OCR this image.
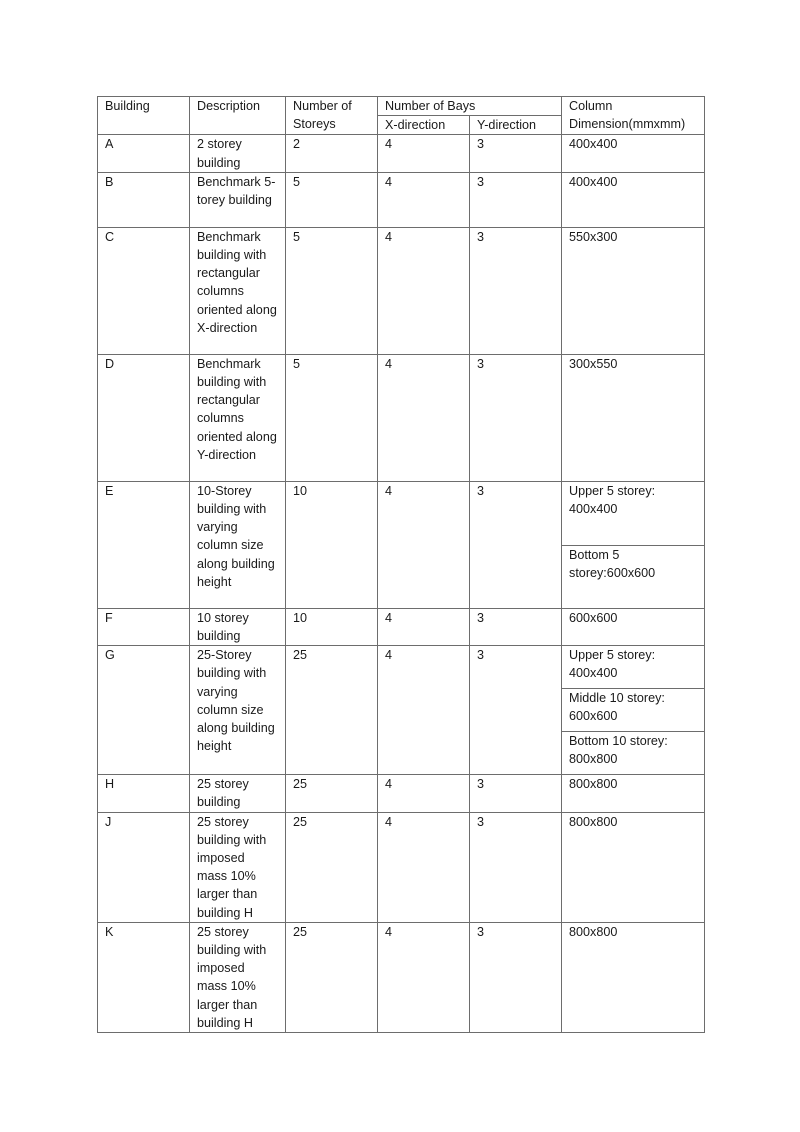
Building	Description	Number of Storeys	Number of Bays		Column Dimension(mmxmm)
			X-direction	Y-direction	
A	2 storey building	2	4	3	400x400
B	Benchmark 5-torey building	5	4	3	400x400
C	Benchmark building with rectangular columns oriented along X-direction	5	4	3	550x300
D	Benchmark building with rectangular columns oriented along Y-direction	5	4	3	300x550
E	10-Storey building with varying column size along building height	10	4	3	Upper 5 storey: 400x400
					Bottom 5 storey:600x600
F	10 storey building	10	4	3	600x600
G	25-Storey building with varying column size along building height	25	4	3	Upper 5 storey: 400x400
					Middle 10 storey: 600x600
					Bottom 10 storey: 800x800
H	25 storey building	25	4	3	800x800
J	25 storey building with imposed mass 10% larger than building H	25	4	3	800x800
K	25 storey building with imposed mass 10% larger than building H	25	4	3	800x800
